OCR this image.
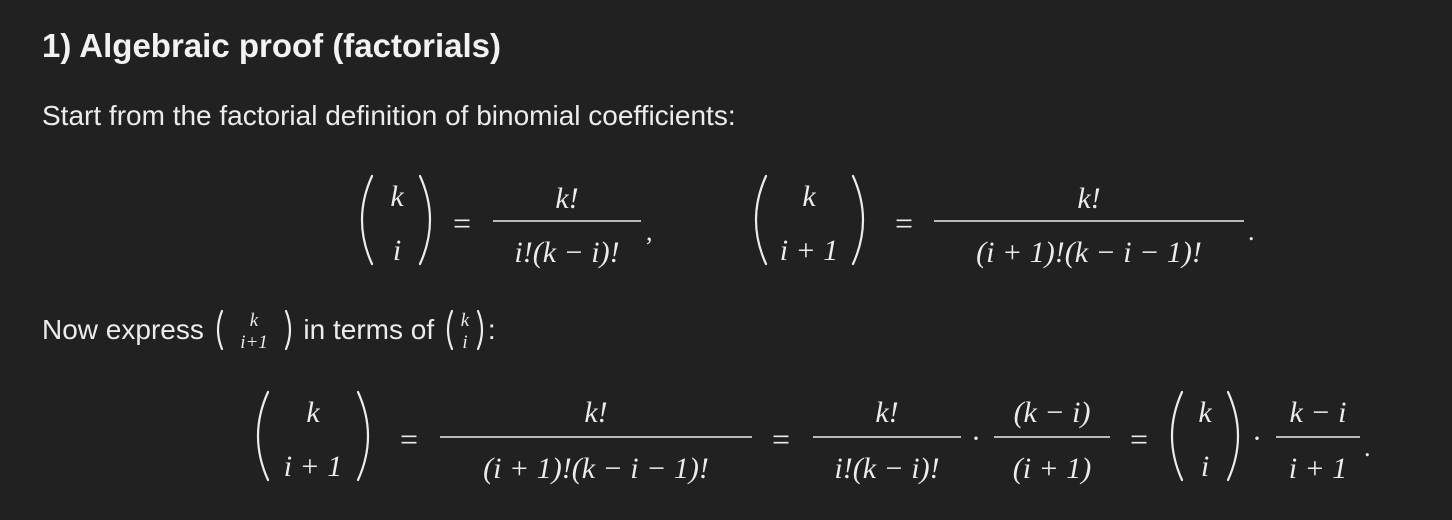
1) Algebraic proof (factorials)

Start from the factorial definition of binomial coefficients:

k
i
=
k!
i!(k − i)!
,
k
i + 1
=
k!
(i + 1)!(k − i − 1)!
.

Now express k
i+1 in terms of k
i :

k
i + 1
=
k!
(i + 1)!(k − i − 1)!
=
k!
i!(k − i)!
·
(k − i)
(i + 1)
=
k
i
·
k − i
i + 1
.
